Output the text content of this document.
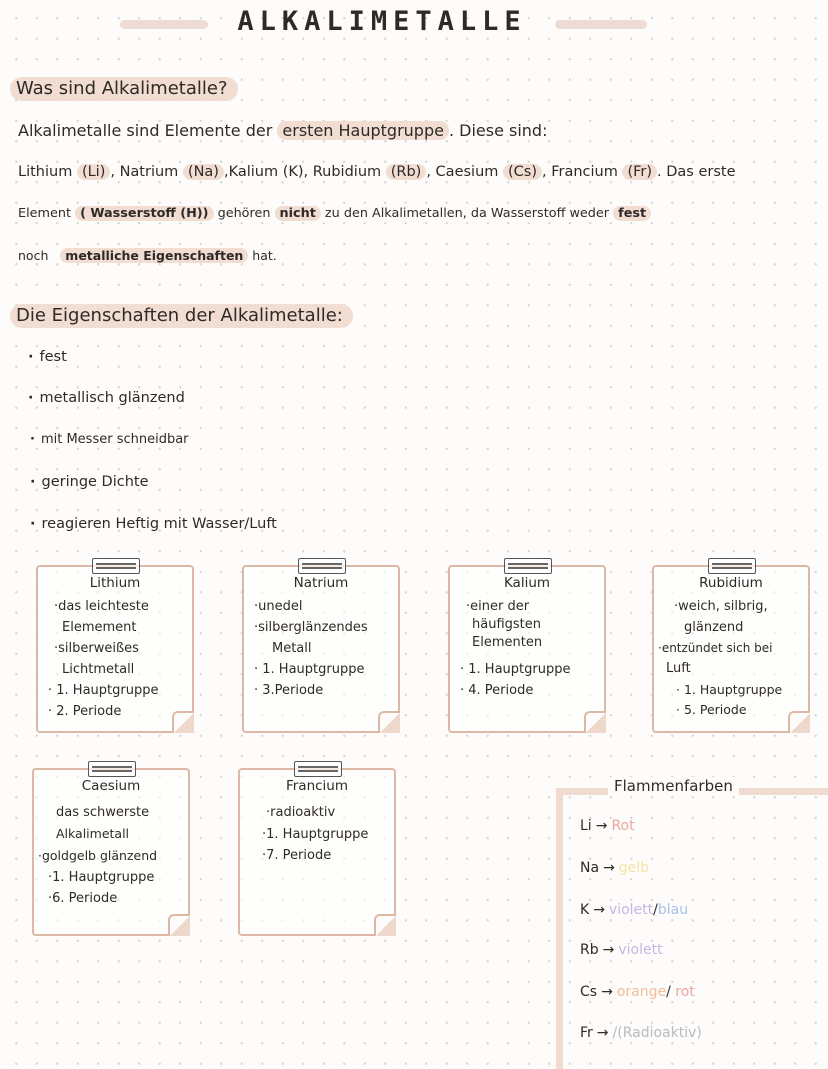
ALKALIMETALLE
Was sind Alkalimetalle?
Alkalimetalle sind Elemente der ersten Hauptgruppe . Diese sind:
Lithium (Li) , Natrium (Na) ,Kalium (K), Rubidium (Rb) , Caesium (Cs) , Francium (Fr) . Das erste
Element ( Wasserstoff (H)) gehören nicht zu den Alkalimetallen, da Wasserstoff weder fest
noch metalliche Eigenschaften hat.
Die Eigenschaften der Alkalimetalle:
· fest
· metallisch glänzend
· mit Messer schneidbar
· geringe Dichte
· reagieren Heftig mit Wasser/Luft
Lithium
·das leichteste
Elemement
·silberweißes
Lichtmetall
· 1. Hauptgruppe
· 2. Periode
Natrium
·unedel
·silberglänzendes
Metall
· 1. Hauptgruppe
· 3.Periode
Kalium
·einer der
häufigsten
Elementen
· 1. Hauptgruppe
· 4. Periode
Rubidium
·weich, silbrig,
glänzend
·entzündet sich bei
Luft
· 1. Hauptgruppe
· 5. Periode
Caesium
das schwerste
Alkalimetall
·goldgelb glänzend
·1. Hauptgruppe
·6. Periode
Francium
·radioaktiv
·1. Hauptgruppe
·7. Periode
Flammenfarben
Li → Rot
Na → gelb
K → violett/blau
Rb → violett
Cs → orange/ rot
Fr → /(Radioaktiv)
